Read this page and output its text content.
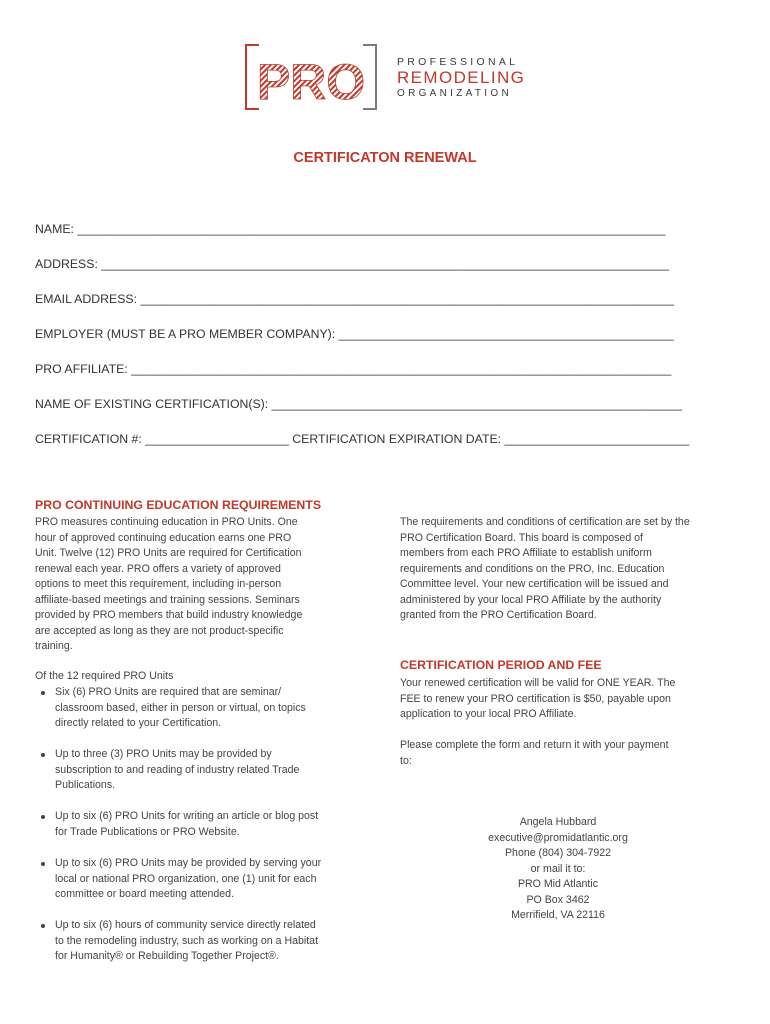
PRO	PROFESSIONAL
REMODELING
ORGANIZATION
CERTIFICATON RENEWAL
NAME: ______________________________________________________________________________________
ADDRESS: ___________________________________________________________________________________
EMAIL ADDRESS: ______________________________________________________________________________
EMPLOYER (MUST BE A PRO MEMBER COMPANY): _________________________________________________
PRO AFFILIATE: _______________________________________________________________________________
NAME OF EXISTING CERTIFICATION(S): ____________________________________________________________
CERTIFICATION #: _____________________ CERTIFICATION EXPIRATION DATE: ___________________________
PRO CONTINUING EDUCATION REQUIREMENTS
PRO measures continuing education in PRO Units. One
hour of approved continuing education earns one PRO
Unit. Twelve (12) PRO Units are required for Certification
renewal each year. PRO offers a variety of approved
options to meet this requirement, including in-person
affiliate-based meetings and training sessions. Seminars
provided by PRO members that build industry knowledge
are accepted as long as they are not product-specific
training.
Of the 12 required PRO Units
Six (6) PRO Units are required that are seminar/
classroom based, either in person or virtual, on topics
directly related to your Certification.
Up to three (3) PRO Units may be provided by
subscription to and reading of industry related Trade
Publications.
Up to six (6) PRO Units for writing an article or blog post
for Trade Publications or PRO Website.
Up to six (6) PRO Units may be provided by serving your
local or national PRO organization, one (1) unit for each
committee or board meeting attended.
Up to six (6) hours of community service directly related
to the remodeling industry, such as working on a Habitat
for Humanity® or Rebuilding Together Project®.
The requirements and conditions of certification are set by the
PRO Certification Board. This board is composed of
members from each PRO Affiliate to establish uniform
requirements and conditions on the PRO, Inc. Education
Committee level. Your new certification will be issued and
administered by your local PRO Affiliate by the authority
granted from the PRO Certification Board.
CERTIFICATION PERIOD AND FEE
Your renewed certification will be valid for ONE YEAR. The
FEE to renew your PRO certification is $50, payable upon
application to your local PRO Affiliate.
Please complete the form and return it with your payment
to:
Angela Hubbard
executive@promidatlantic.org
Phone (804) 304-7922
or mail it to:
PRO Mid Atlantic
PO Box 3462
Merrifield, VA 22116
